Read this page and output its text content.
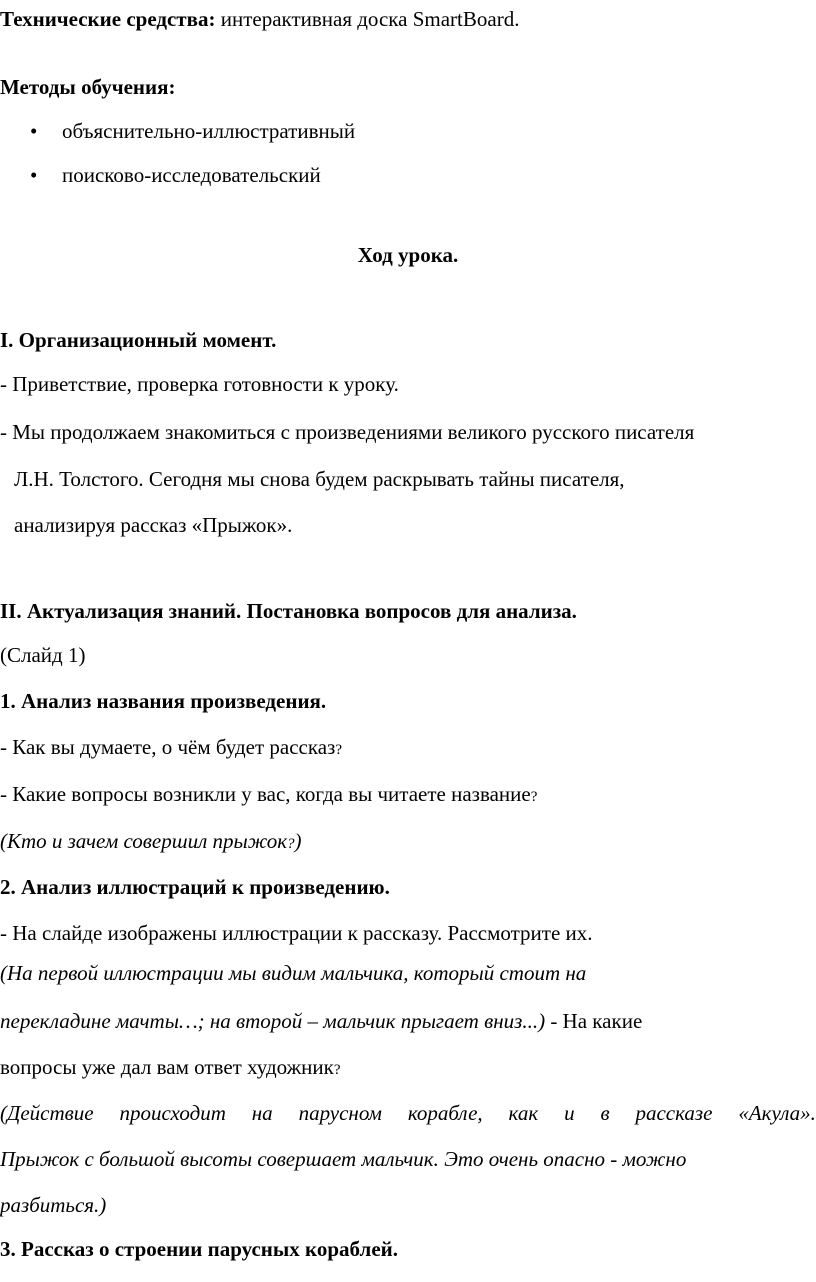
Технические средства: интерактивная доска SmartBoard.
Методы обучения:
• объяснительно-иллюстративный
• поисково-исследовательский
Ход урока.
I. Организационный момент.
- Приветствие, проверка готовности к уроку.
- Мы продолжаем знакомиться с произведениями великого русского писателя
Л.Н. Толстого. Сегодня мы снова будем раскрывать тайны писателя,
анализируя рассказ «Прыжок».
II. Актуализация знаний. Постановка вопросов для анализа.
(Слайд 1)
1. Анализ названия произведения.
- Как вы думаете, о чём будет рассказ?
- Какие вопросы возникли у вас, когда вы читаете название?
(Кто и зачем совершил прыжок?)
2. Анализ иллюстраций к произведению.
- На слайде изображены иллюстрации к рассказу. Рассмотрите их.
(На первой иллюстрации мы видим мальчика, который стоит на
перекладине мачты…; на второй – мальчик прыгает вниз...) - На какие
вопросы уже дал вам ответ художник?
(Действие происходит на парусном корабле, как и в рассказе «Акула».
Прыжок с большой высоты совершает мальчик. Это очень опасно - можно
разбиться.)
3. Рассказ о строении парусных кораблей.
